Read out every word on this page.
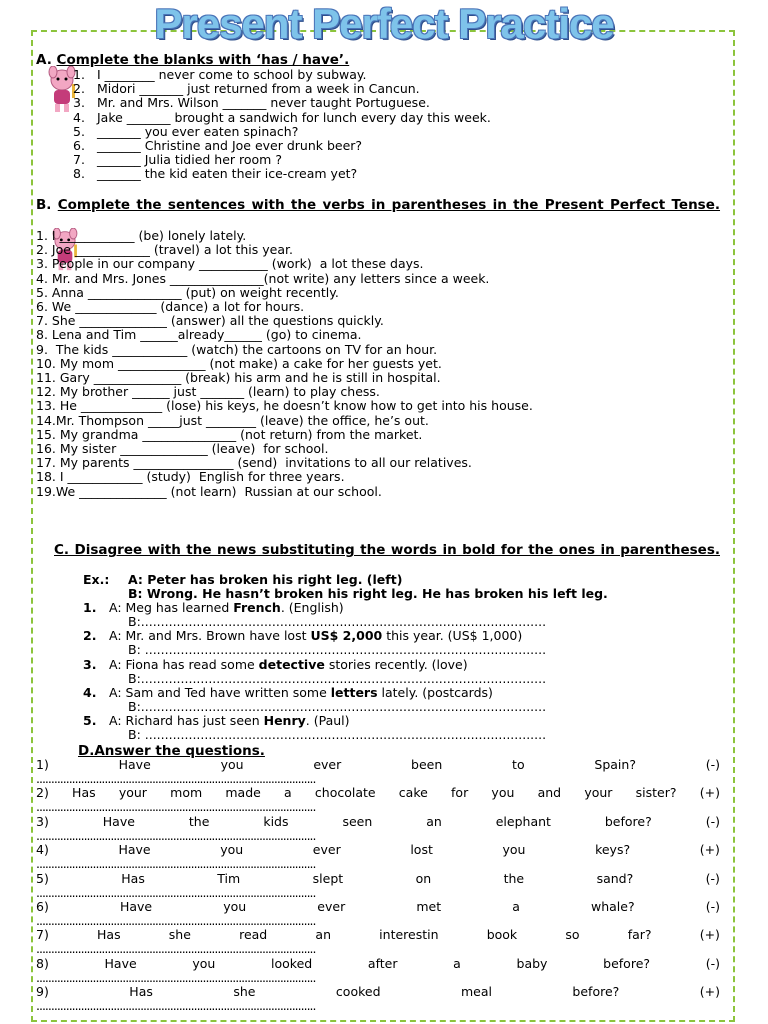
Present Perfect Practice
A. Complete the blanks with ‘has / have’.
1. I ________ never come to school by subway.
2. Midori _______ just returned from a week in Cancun.
3. Mr. and Mrs. Wilson _______ never taught Portuguese.
4. Jake _______ brought a sandwich for lunch every day this week.
5. _______ you ever eaten spinach?
6. _______ Christine and Joe ever drunk beer?
7. _______ Julia tidied her room ?
8. _______ the kid eaten their ice-cream yet?
B. Complete the sentences with the verbs in parentheses in the Present Perfect Tense.
1. I ____________ (be) lonely lately.
2. Joe ____________ (travel) a lot this year.
3. People in our company ___________ (work)  a lot these days.
4. Mr. and Mrs. Jones _______________(not write) any letters since a week.
5. Anna _______________ (put) on weight recently.
6. We _____________ (dance) a lot for hours.
7. She ______________ (answer) all the questions quickly.
8. Lena and Tim ______already______ (go) to cinema.
9.  The kids ____________ (watch) the cartoons on TV for an hour.
10. My mom ______________ (not make) a cake for her guests yet.
11. Gary ______________ (break) his arm and he is still in hospital.
12. My brother ______ just _______ (learn) to play chess.
13. He _____________ (lose) his keys, he doesn’t know how to get into his house.
14.Mr. Thompson _____just ________ (leave) the office, he’s out.
15. My grandma _______________ (not return) from the market.
16. My sister ______________ (leave)  for school.
17. My parents ________________ (send)  invitations to all our relatives.
18. I ____________ (study)  English for three years.
19.We ______________ (not learn)  Russian at our school.
C. Disagree with the news substituting the words in bold for the ones in parentheses.
Ex.: A: Peter has broken his right leg. (left)
B: Wrong. He hasn’t broken his right leg. He has broken his left leg.
1. A: Meg has learned French. (English)
B:......................................................................................................
2. A: Mr. and Mrs. Brown have lost US$ 2,000 this year. (US$ 1,000)
B: .....................................................................................................
3. A: Fiona has read some detective stories recently. (love)
B:......................................................................................................
4. A: Sam and Ted have written some letters lately. (postcards)
B:......................................................................................................
5. A: Richard has just seen Henry. (Paul)
B: .....................................................................................................
D.Answer the questions.
1)	Have	you	ever	been	to	Spain?	(-)
..............................................................................................
2) Has your mom made a chocolate cake for you and your sister? (+)
..............................................................................................
3)	Have	the	kids	seen	an	elephant	before?	(-)
..............................................................................................
4)	Have	you	ever	lost	you	keys?	(+)
..............................................................................................
5)	Has	Tim	slept	on	the	sand?	(-)
..............................................................................................
6)	Have	you	ever	met	a	whale?	(-)
..............................................................................................
7)	Has	she	read	an	interestin	book	so	far?	(+)
..............................................................................................
8)	Have	you	looked	after	a	baby	before?	(-)
..............................................................................................
9)	Has	she	cooked	meal	before?	(+)
..............................................................................................
